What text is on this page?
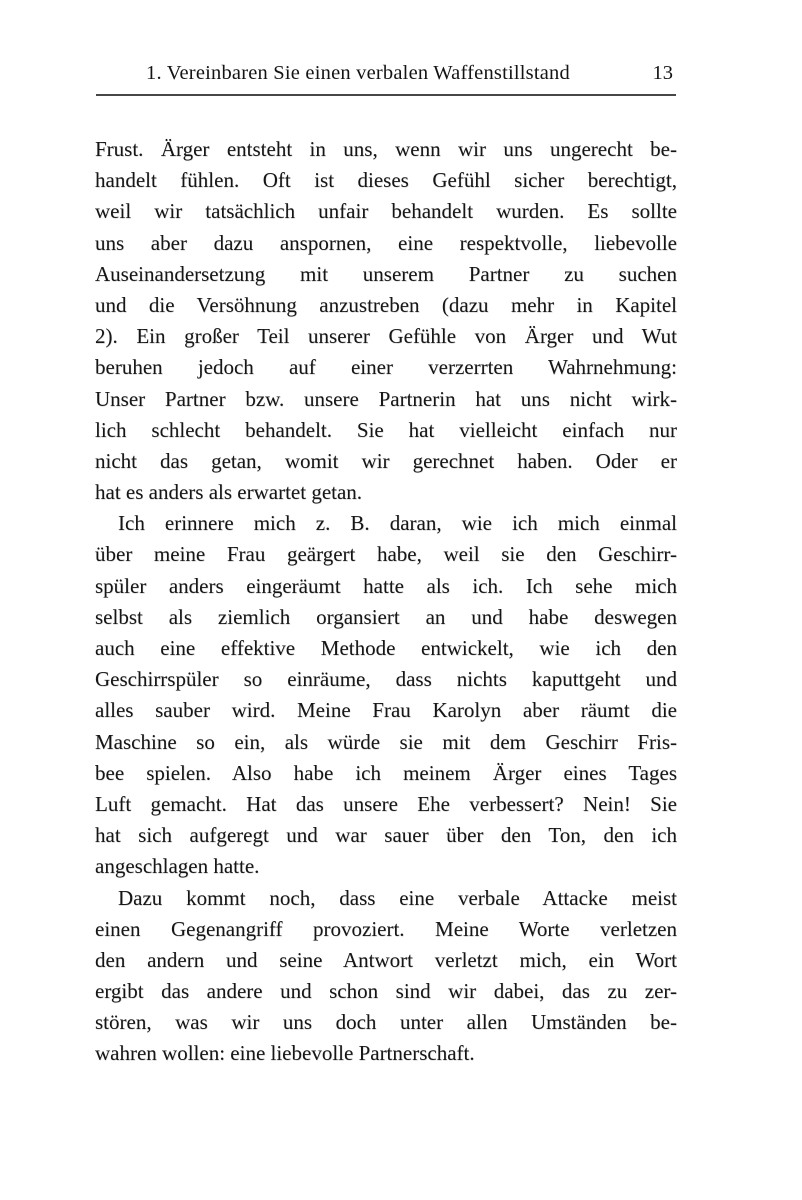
1. Vereinbaren Sie einen verbalen Waffenstillstand	13
Frust. Ärger entsteht in uns, wenn wir uns ungerecht be-
handelt fühlen. Oft ist dieses Gefühl sicher berechtigt,
weil wir tatsächlich unfair behandelt wurden. Es sollte
uns aber dazu anspornen, eine respektvolle, liebevolle
Auseinandersetzung mit unserem Partner zu suchen
und die Versöhnung anzustreben (dazu mehr in Kapitel
2). Ein großer Teil unserer Gefühle von Ärger und Wut
beruhen jedoch auf einer verzerrten Wahrnehmung:
Unser Partner bzw. unsere Partnerin hat uns nicht wirk-
lich schlecht behandelt. Sie hat vielleicht einfach nur
nicht das getan, womit wir gerechnet haben. Oder er
hat es anders als erwartet getan.
Ich erinnere mich z. B. daran, wie ich mich einmal
über meine Frau geärgert habe, weil sie den Geschirr-
spüler anders eingeräumt hatte als ich. Ich sehe mich
selbst als ziemlich organsiert an und habe deswegen
auch eine effektive Methode entwickelt, wie ich den
Geschirrspüler so einräume, dass nichts kaputtgeht und
alles sauber wird. Meine Frau Karolyn aber räumt die
Maschine so ein, als würde sie mit dem Geschirr Fris-
bee spielen. Also habe ich meinem Ärger eines Tages
Luft gemacht. Hat das unsere Ehe verbessert? Nein! Sie
hat sich aufgeregt und war sauer über den Ton, den ich
angeschlagen hatte.
Dazu kommt noch, dass eine verbale Attacke meist
einen Gegenangriff provoziert. Meine Worte verletzen
den andern und seine Antwort verletzt mich, ein Wort
ergibt das andere und schon sind wir dabei, das zu zer-
stören, was wir uns doch unter allen Umständen be-
wahren wollen: eine liebevolle Partnerschaft.
